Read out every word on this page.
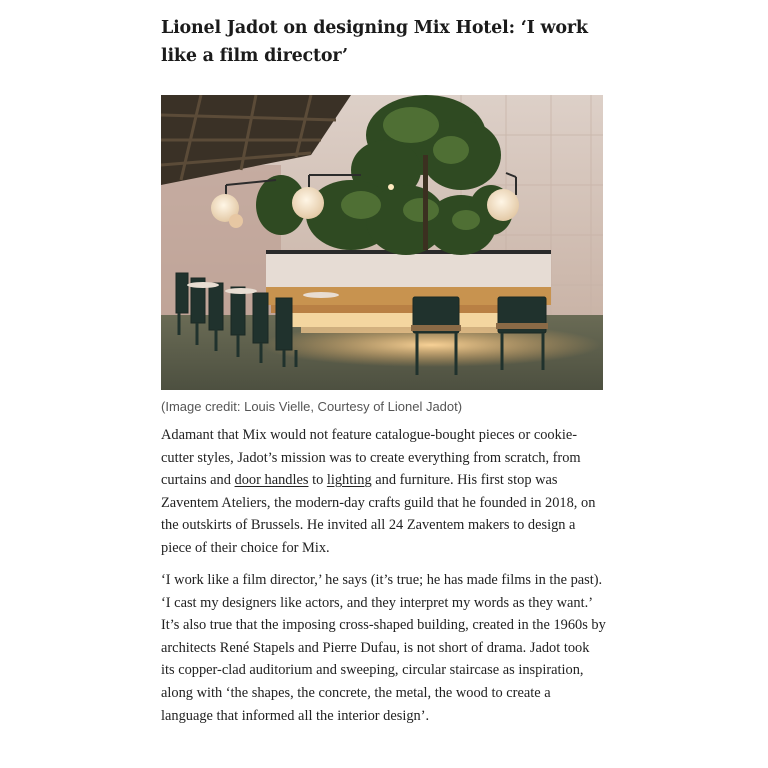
Lionel Jadot on designing Mix Hotel: ‘I work like a film director’
(Image credit: Louis Vielle, Courtesy of Lionel Jadot)

Adamant that Mix would not feature catalogue-bought pieces or cookie-cutter styles, Jadot’s mission was to create everything from scratch, from curtains and door handles to lighting and furniture. His first stop was Zaventem Ateliers, the modern-day crafts guild that he founded in 2018, on the outskirts of Brussels. He invited all 24 Zaventem makers to design a piece of their choice for Mix.

‘I work like a film director,’ he says (it’s true; he has made films in the past). ‘I cast my designers like actors, and they interpret my words as they want.’ It’s also true that the imposing cross-shaped building, created in the 1960s by architects René Stapels and Pierre Dufau, is not short of drama. Jadot took its copper-clad auditorium and sweeping, circular staircase as inspiration, along with ‘the shapes, the concrete, the metal, the wood to create a language that informed all the interior design’.
